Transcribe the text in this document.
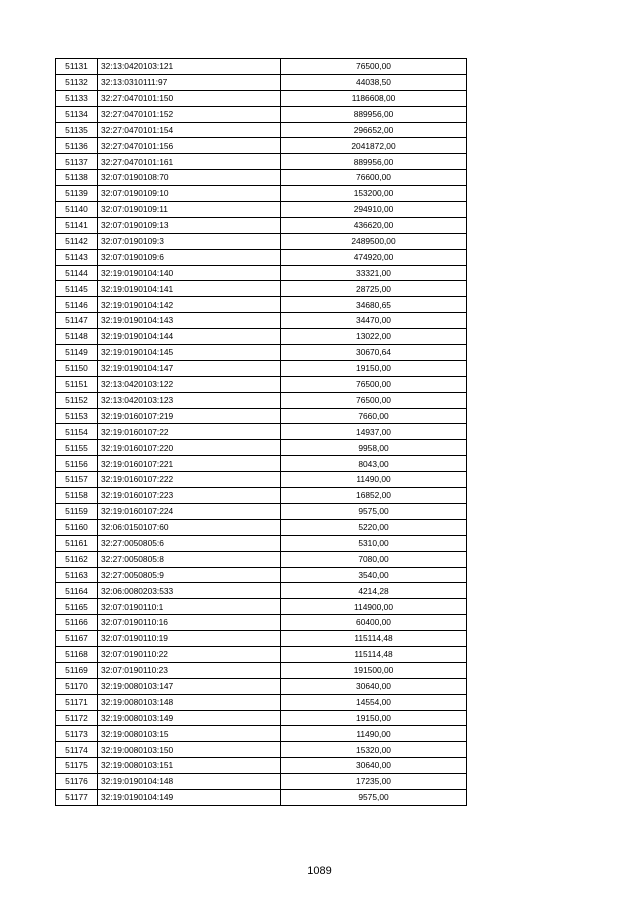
51131	32:13:0420103:121	76500,00
51132	32:13:0310111:97	44038,50
51133	32:27:0470101:150	1186608,00
51134	32:27:0470101:152	889956,00
51135	32:27:0470101:154	296652,00
51136	32:27:0470101:156	2041872,00
51137	32:27:0470101:161	889956,00
51138	32:07:0190108:70	76600,00
51139	32:07:0190109:10	153200,00
51140	32:07:0190109:11	294910,00
51141	32:07:0190109:13	436620,00
51142	32:07:0190109:3	2489500,00
51143	32:07:0190109:6	474920,00
51144	32:19:0190104:140	33321,00
51145	32:19:0190104:141	28725,00
51146	32:19:0190104:142	34680,65
51147	32:19:0190104:143	34470,00
51148	32:19:0190104:144	13022,00
51149	32:19:0190104:145	30670,64
51150	32:19:0190104:147	19150,00
51151	32:13:0420103:122	76500,00
51152	32:13:0420103:123	76500,00
51153	32:19:0160107:219	7660,00
51154	32:19:0160107:22	14937,00
51155	32:19:0160107:220	9958,00
51156	32:19:0160107:221	8043,00
51157	32:19:0160107:222	11490,00
51158	32:19:0160107:223	16852,00
51159	32:19:0160107:224	9575,00
51160	32:06:0150107:60	5220,00
51161	32:27:0050805:6	5310,00
51162	32:27:0050805:8	7080,00
51163	32:27:0050805:9	3540,00
51164	32:06:0080203:533	4214,28
51165	32:07:0190110:1	114900,00
51166	32:07:0190110:16	60400,00
51167	32:07:0190110:19	115114,48
51168	32:07:0190110:22	115114,48
51169	32:07:0190110:23	191500,00
51170	32:19:0080103:147	30640,00
51171	32:19:0080103:148	14554,00
51172	32:19:0080103:149	19150,00
51173	32:19:0080103:15	11490,00
51174	32:19:0080103:150	15320,00
51175	32:19:0080103:151	30640,00
51176	32:19:0190104:148	17235,00
51177	32:19:0190104:149	9575,00
1089
